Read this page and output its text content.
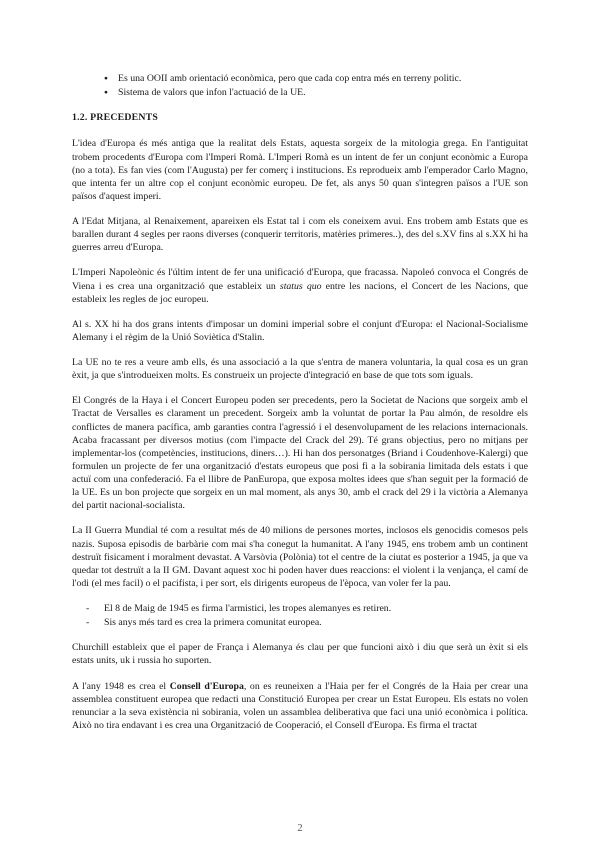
●	Es una OOII amb orientació econòmica, pero que cada cop entra més en terreny politic.
●	Sistema de valors que infon l'actuació de la UE.
1.2. PRECEDENTS

L'idea d'Europa és més antiga que la realitat dels Estats, aquesta sorgeix de la mitologia grega. En l'antiguitat trobem procedents d'Europa com l'Imperi Romà. L'Imperi Romà es un intent de fer un conjunt econòmic a Europa (no a tota). Es fan vies (com l'Augusta) per fer comerç i institucions. Es reprodueix amb l'emperador Carlo Magno, que intenta fer un altre cop el conjunt econòmic europeu. De fet, als anys 50 quan s'integren països a l'UE son països d'aquest imperi.

A l'Edat Mitjana, al Renaixement, apareixen els Estat tal i com els coneixem avui. Ens trobem amb Estats que es barallen durant 4 segles per raons diverses (conquerir territoris, matèries primeres..), des del s.XV fins al s.XX hi ha guerres arreu d'Europa.

L'Imperi Napoleònic és l'últim intent de fer una unificació d'Europa, que fracassa. Napoleó convoca el Congrés de Viena i es crea una organització que estableix un status quo entre les nacions, el Concert de les Nacions, que estableix les regles de joc europeu.

Al s. XX hi ha dos grans intents d'imposar un domini imperial sobre el conjunt d'Europa: el Nacional-Socialisme Alemany i el règim de la Unió Soviètica d'Stalin.

La UE no te res a veure amb ells, és una associació a la que s'entra de manera voluntaria, la qual cosa es un gran èxit, ja que s'introdueixen molts. Es construeix un projecte d'integració en base de que tots som iguals.

El Congrés de la Haya i el Concert Europeu poden ser precedents, pero la Societat de Nacions que sorgeix amb el Tractat de Versalles es clarament un precedent. Sorgeix amb la voluntat de portar la Pau almón, de resoldre els conflictes de manera pacífica, amb garanties contra l'agressió i el desenvolupament de les relacions internacionals. Acaba fracassant per diversos motius (com l'impacte del Crack del 29). Té grans objectius, pero no mitjans per implementar-los (competències, institucions, diners…). Hi han dos personatges (Briand i Coudenhove-Kalergi) que formulen un projecte de fer una organització d'estats europeus que posi fi a la sobirania limitada dels estats i que actuï com una confederació. Fa el llibre de PanEuropa, que exposa moltes idees que s'han seguit per la formació de la UE. Es un bon projecte que sorgeix en un mal moment, als anys 30, amb el crack del 29 i la victòria a Alemanya del partit nacional-socialista.

La II Guerra Mundial té com a resultat més de 40 milions de persones mortes, inclosos els genocidis comesos pels nazis. Suposa episodis de barbàrie com mai s'ha conegut la humanitat. A l'any 1945, ens trobem amb un continent destruït fisicament i moralment devastat. A Varsòvia (Polònia) tot el centre de la ciutat es posterior a 1945, ja que va quedar tot destruït a la II GM. Davant aquest xoc hi poden haver dues reaccions: el violent i la venjança, el camí de l'odi (el mes facil) o el pacifista, i per sort, els dirigents europeus de l'època, van voler fer la pau.

-	El 8 de Maig de 1945 es firma l'armistici, les tropes alemanyes es retiren.
-	Sis anys més tard es crea la primera comunitat europea.

Churchill estableix que el paper de França i Alemanya és clau per que funcioni això i diu que serà un èxit si els estats units, uk i russia ho suporten.

A l'any 1948 es crea el Consell d'Europa, on es reuneixen a l'Haia per fer el Congrés de la Haia per crear una assemblea constituent europea que redacti una Constitució Europea per crear un Estat Europeu. Els estats no volen renunciar a la seva existència ni sobirania, volen un assamblea deliberativa que faci una unió econòmica i política. Això no tira endavant i es crea una Organització de Cooperació, el Consell d'Europa. Es firma el tractat

2
